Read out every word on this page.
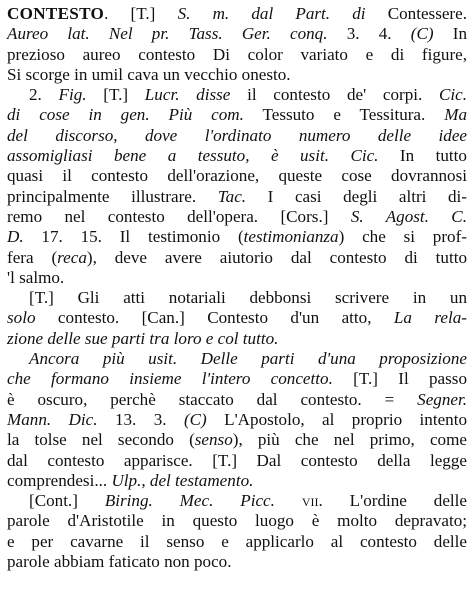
CONTESTO. [T.] S. m. dal Part. di Contessere.
Aureo lat. Nel pr. Tass. Ger. conq. 3. 4. (C) In
prezioso aureo contesto Di color variato e di figure,
Si scorge in umil cava un vecchio onesto.
2. Fig. [T.] Lucr. disse il contesto de' corpi. Cic.
di cose in gen. Più com. Tessuto e Tessitura. Ma
del discorso, dove l'ordinato numero delle idee
assomigliasi bene a tessuto, è usit. Cic. In tutto
quasi il contesto dell'orazione, queste cose dovrannosi
principalmente illustrare. Tac. I casi degli altri di-
remo nel contesto dell'opera. [Cors.] S. Agost. C.
D. 17. 15. Il testimonio (testimonianza) che si prof-
fera (reca), deve avere aiutorio dal contesto di tutto
'l salmo.
[T.] Gli atti notariali debbonsi scrivere in un
solo contesto. [Can.] Contesto d'un atto, La rela-
zione delle sue parti tra loro e col tutto.
Ancora più usit. Delle parti d'una proposizione
che formano insieme l'intero concetto. [T.] Il passo
è oscuro, perchè staccato dal contesto. = Segner.
Mann. Dic. 13. 3. (C) L'Apostolo, al proprio intento
la tolse nel secondo (senso), più che nel primo, come
dal contesto apparisce. [T.] Dal contesto della legge
comprendesi... Ulp., del testamento.
[Cont.] Biring. Mec. Picc. vii. L'ordine delle
parole d'Aristotile in questo luogo è molto depravato;
e per cavarne il senso e applicarlo al contesto delle
parole abbiam faticato non poco.
